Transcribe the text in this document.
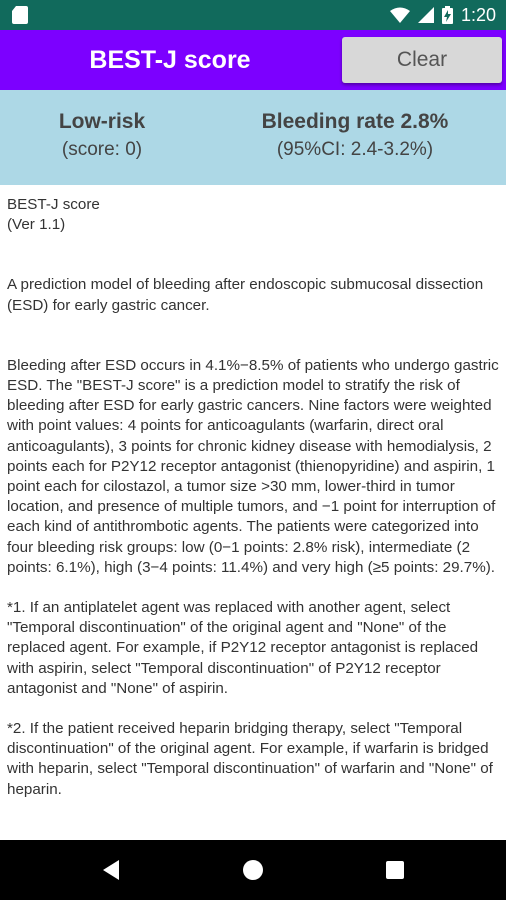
1:20
BEST-J score	Clear
Low-risk
(score: 0)
Bleeding rate 2.8%
(95%CI: 2.4-3.2%)

BEST-J score

(Ver 1.1)

A prediction model of bleeding after endoscopic submucosal dissection (ESD) for early gastric cancer.

Bleeding after ESD occurs in 4.1%−8.5% of patients who undergo gastric ESD. The "BEST-J score" is a prediction model to stratify the risk of bleeding after ESD for early gastric cancers. Nine factors were weighted with point values: 4 points for anticoagulants (warfarin, direct oral anticoagulants), 3 points for chronic kidney disease with hemodialysis, 2 points each for P2Y12 receptor antagonist (thienopyridine) and aspirin, 1 point each for cilostazol, a tumor size >30 mm, lower-third in tumor location, and presence of multiple tumors, and −1 point for interruption of each kind of antithrombotic agents. The patients were categorized into four bleeding risk groups: low (0−1 points: 2.8% risk), intermediate (2 points: 6.1%), high (3−4 points: 11.4%) and very high (≥5 points: 29.7%).

*1. If an antiplatelet agent was replaced with another agent, select "Temporal discontinuation" of the original agent and "None" of the replaced agent. For example, if P2Y12 receptor antagonist is replaced with aspirin, select "Temporal discontinuation" of P2Y12 receptor antagonist and "None" of aspirin.

*2. If the patient received heparin bridging therapy, select "Temporal discontinuation" of the original agent. For example, if warfarin is bridged with heparin, select "Temporal discontinuation" of warfarin and "None" of heparin.
